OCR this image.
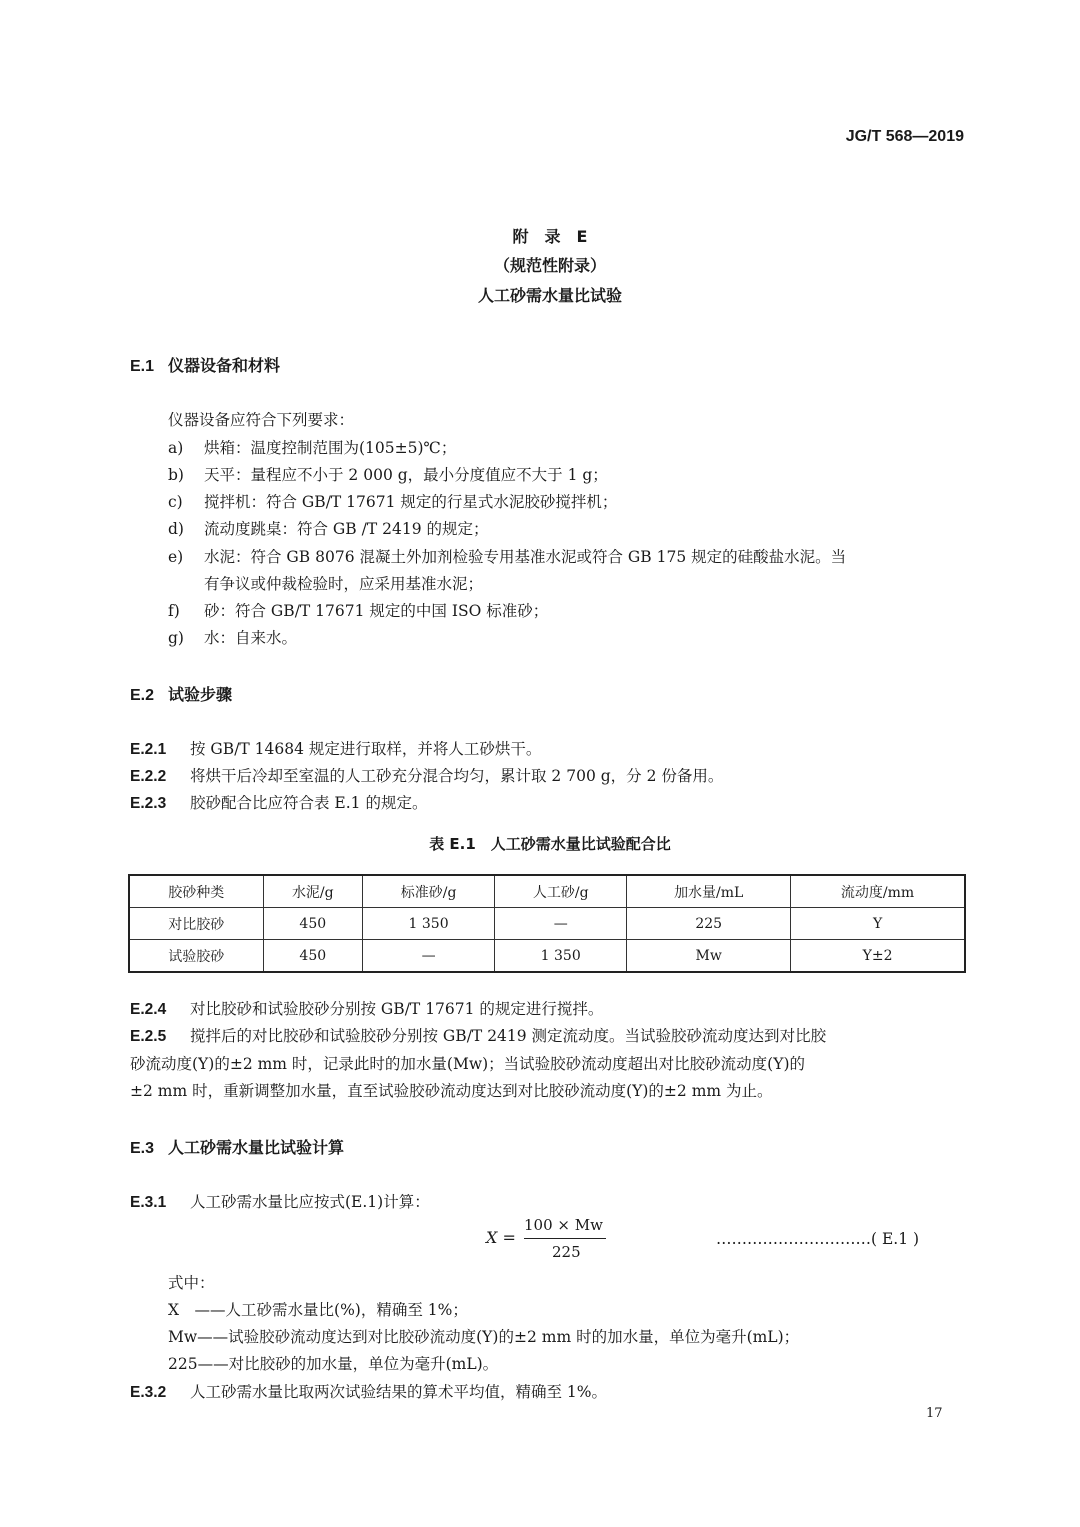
JG/T 568—2019
附　录　E
（规范性附录）
人工砂需水量比试验
E.1 仪器设备和材料
仪器设备应符合下列要求：
a) 烘箱：温度控制范围为(105±5)℃；
b) 天平：量程应不小于 2 000 g，最小分度值应不大于 1 g；
c) 搅拌机：符合 GB/T 17671 规定的行星式水泥胶砂搅拌机；
d) 流动度跳桌：符合 GB /T 2419 的规定；
e) 水泥：符合 GB 8076 混凝土外加剂检验专用基准水泥或符合 GB 175 规定的硅酸盐水泥。当
有争议或仲裁检验时，应采用基准水泥；
f) 砂：符合 GB/T 17671 规定的中国 ISO 标准砂；
g) 水：自来水。
E.2 试验步骤
E.2.1 按 GB/T 14684 规定进行取样，并将人工砂烘干。
E.2.2 将烘干后冷却至室温的人工砂充分混合均匀，累计取 2 700 g，分 2 份备用。
E.2.3 胶砂配合比应符合表 E.1 的规定。
表 E.1　人工砂需水量比试验配合比
胶砂种类	水泥/g	标准砂/g	人工砂/g	加水量/mL	流动度/mm
对比胶砂	450	1 350	—	225	Y
试验胶砂	450	—	1 350	Mw	Y±2
E.2.4 对比胶砂和试验胶砂分别按 GB/T 17671 的规定进行搅拌。
E.2.5 搅拌后的对比胶砂和试验胶砂分别按 GB/T 2419 测定流动度。当试验胶砂流动度达到对比胶
砂流动度(Y)的±2 mm 时，记录此时的加水量(Mw)；当试验胶砂流动度超出对比胶砂流动度(Y)的
±2 mm 时，重新调整加水量，直至试验胶砂流动度达到对比胶砂流动度(Y)的±2 mm 为止。
E.3 人工砂需水量比试验计算
E.3.1 人工砂需水量比应按式(E.1)计算：
X =
100 × Mw
225
…………………………( E.1 )
式中：
X　——人工砂需水量比(%)，精确至 1%；
Mw——试验胶砂流动度达到对比胶砂流动度(Y)的±2 mm 时的加水量，单位为毫升(mL)；
225——对比胶砂的加水量，单位为毫升(mL)。
E.3.2 人工砂需水量比取两次试验结果的算术平均值，精确至 1%。
17
